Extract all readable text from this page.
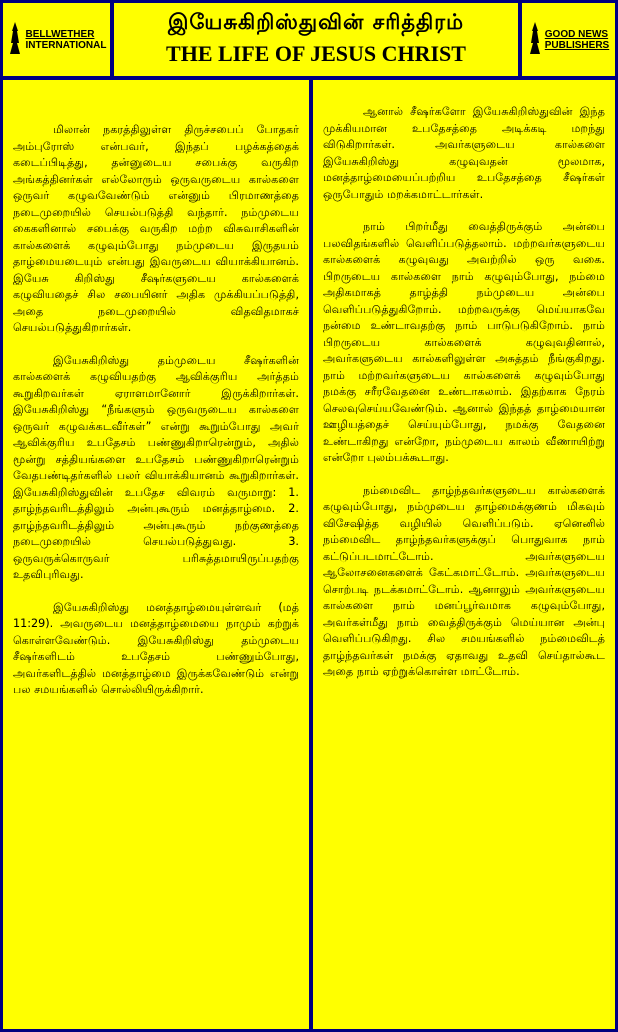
BELLWETHER
INTERNATIONAL
இயேசுகிறிஸ்துவின் சரித்திரம்
THE LIFE OF JESUS CHRIST
GOOD NEWS
PUBLISHERS

மிலான் நகரத்திலுள்ள திருச்சபைப் போதகர் அம்புரோஸ் என்பவர், இந்தப் பழக்கத்தைக் கடைப்பிடித்து, தன்னுடைய சபைக்கு வருகிற அங்கத்தினர்கள் எல்லோரும் ஒருவருடைய கால்களை ஒருவர் கழுவவேண்டும் என்னும் பிரமாணத்தை நடைமுறையில் செயல்படுத்தி வந்தார். நம்முடைய கைகளினால் சபைக்கு வருகிற மற்ற விசுவாசிகளின் கால்களைக் கழுவும்போது நம்முடைய இருதயம் தாழ்மையடையும் என்பது இவருடைய வியாக்கியானம். இயேசு கிறிஸ்து சீஷர்களுடைய கால்களைக் கழுவியதைச் சில சபையினர் அதிக முக்கியப்படுத்தி, அதை நடைமுறையில் விதவிதமாகச் செயல்படுத்துகிறார்கள்.

இயேசுகிறிஸ்து தம்முடைய சீஷர்களின் கால்களைக் கழுவியதற்கு ஆவிக்குரிய அர்த்தம் கூறுகிறவர்கள் ஏராளமானோர் இருக்கிறார்கள். இயேசுகிறிஸ்து “நீங்களும் ஒருவருடைய கால்களை ஒருவர் கழுவக்கடவீர்கள்” என்று கூறும்போது அவர் ஆவிக்குரிய உபதேசம் பண்ணுகிறாரென்றும், அதில் மூன்று சத்தியங்களை உபதேசம் பண்ணுகிறாரென்றும் வேதபண்டிதர்களில் பலர் வியாக்கியானம் கூறுகிறார்கள். இயேசுகிறிஸ்துவின் உபதேச விவரம் வருமாறு: 1. தாழ்ந்தவரிடத்திலும் அன்புகூரும் மனத்தாழ்மை. 2. தாழ்ந்தவரிடத்திலும் அன்புகூரும் நற்குணத்தை நடைமுறையில் செயல்படுத்துவது. 3. ஒருவருக்கொருவர் பரிசுத்தமாயிருப்பதற்கு உதவிபுரிவது.

இயேசுகிறிஸ்து மனத்தாழ்மையுள்ளவர் (மத் 11:29). அவருடைய மனத்தாழ்மையை நாமும் கற்றுக் கொள்ளவேண்டும். இயேசுகிறிஸ்து தம்முடைய சீஷர்களிடம் உபதேசம் பண்ணும்போது, அவர்களிடத்தில் மனத்தாழ்மை இருக்கவேண்டும் என்று பல சமயங்களில் சொல்லியிருக்கிறார்.

ஆனால் சீஷர்களோ இயேசுகிறிஸ்துவின் இந்த முக்கியமான உபதேசத்தை அடிக்கடி மறந்து விடுகிறார்கள். அவர்களுடைய கால்களை இயேசுகிறிஸ்து கழுவுவதன் மூலமாக, மனத்தாழ்மையைப்பற்றிய உபதேசத்தை சீஷர்கள் ஒருபோதும் மறக்கமாட்டார்கள்.

நாம் பிறர்மீது வைத்திருக்கும் அன்பை பலவிதங்களில் வெளிப்படுத்தலாம். மற்றவர்களுடைய கால்களைக் கழுவுவது அவற்றில் ஒரு வகை. பிறருடைய கால்களை நாம் கழுவும்போது, நம்மை அதிகமாகத் தாழ்த்தி நம்முடைய அன்பை வெளிப்படுத்துகிறோம். மற்றவருக்கு மெய்யாகவே நன்மை உண்டாவதற்கு நாம் பாடுபடுகிறோம். நாம் பிறருடைய கால்களைக் கழுவுவதினால், அவர்களுடைய கால்களிலுள்ள அசுத்தம் நீங்குகிறது. நாம் மற்றவர்களுடைய கால்களைக் கழுவும்போது நமக்கு சரீரவேதனை உண்டாகலாம். இதற்காக நேரம் செலவுசெய்யவேண்டும். ஆனால் இந்தத் தாழ்மையான ஊழியத்தைச் செய்யும்போது, நமக்கு வேதனை உண்டாகிறது என்றோ, நம்முடைய காலம் வீணாயிற்று என்றோ புலம்பக்கூடாது.

நம்மைவிட தாழ்ந்தவர்களுடைய கால்களைக் கழுவும்போது, நம்முடைய தாழ்மைக்குணம் மிகவும் விசேஷித்த வழியில் வெளிப்படும். ஏனெனில் நம்மைவிட தாழ்ந்தவர்களுக்குப் பொதுவாக நாம் கட்டுப்படமாட்டோம். அவர்களுடைய ஆலோசனைகளைக் கேட்கமாட்டோம். அவர்களுடைய சொற்படி நடக்கமாட்டோம். ஆனாலும் அவர்களுடைய கால்களை நாம் மனப்பூர்வமாக கழுவும்போது, அவர்கள்மீது நாம் வைத்திருக்கும் மெய்யான அன்பு வெளிப்படுகிறது. சில சமயங்களில் நம்மைவிடத் தாழ்ந்தவர்கள் நமக்கு ஏதாவது உதவி செய்தால்கூட அதை நாம் ஏற்றுக்கொள்ள மாட்டோம்.
